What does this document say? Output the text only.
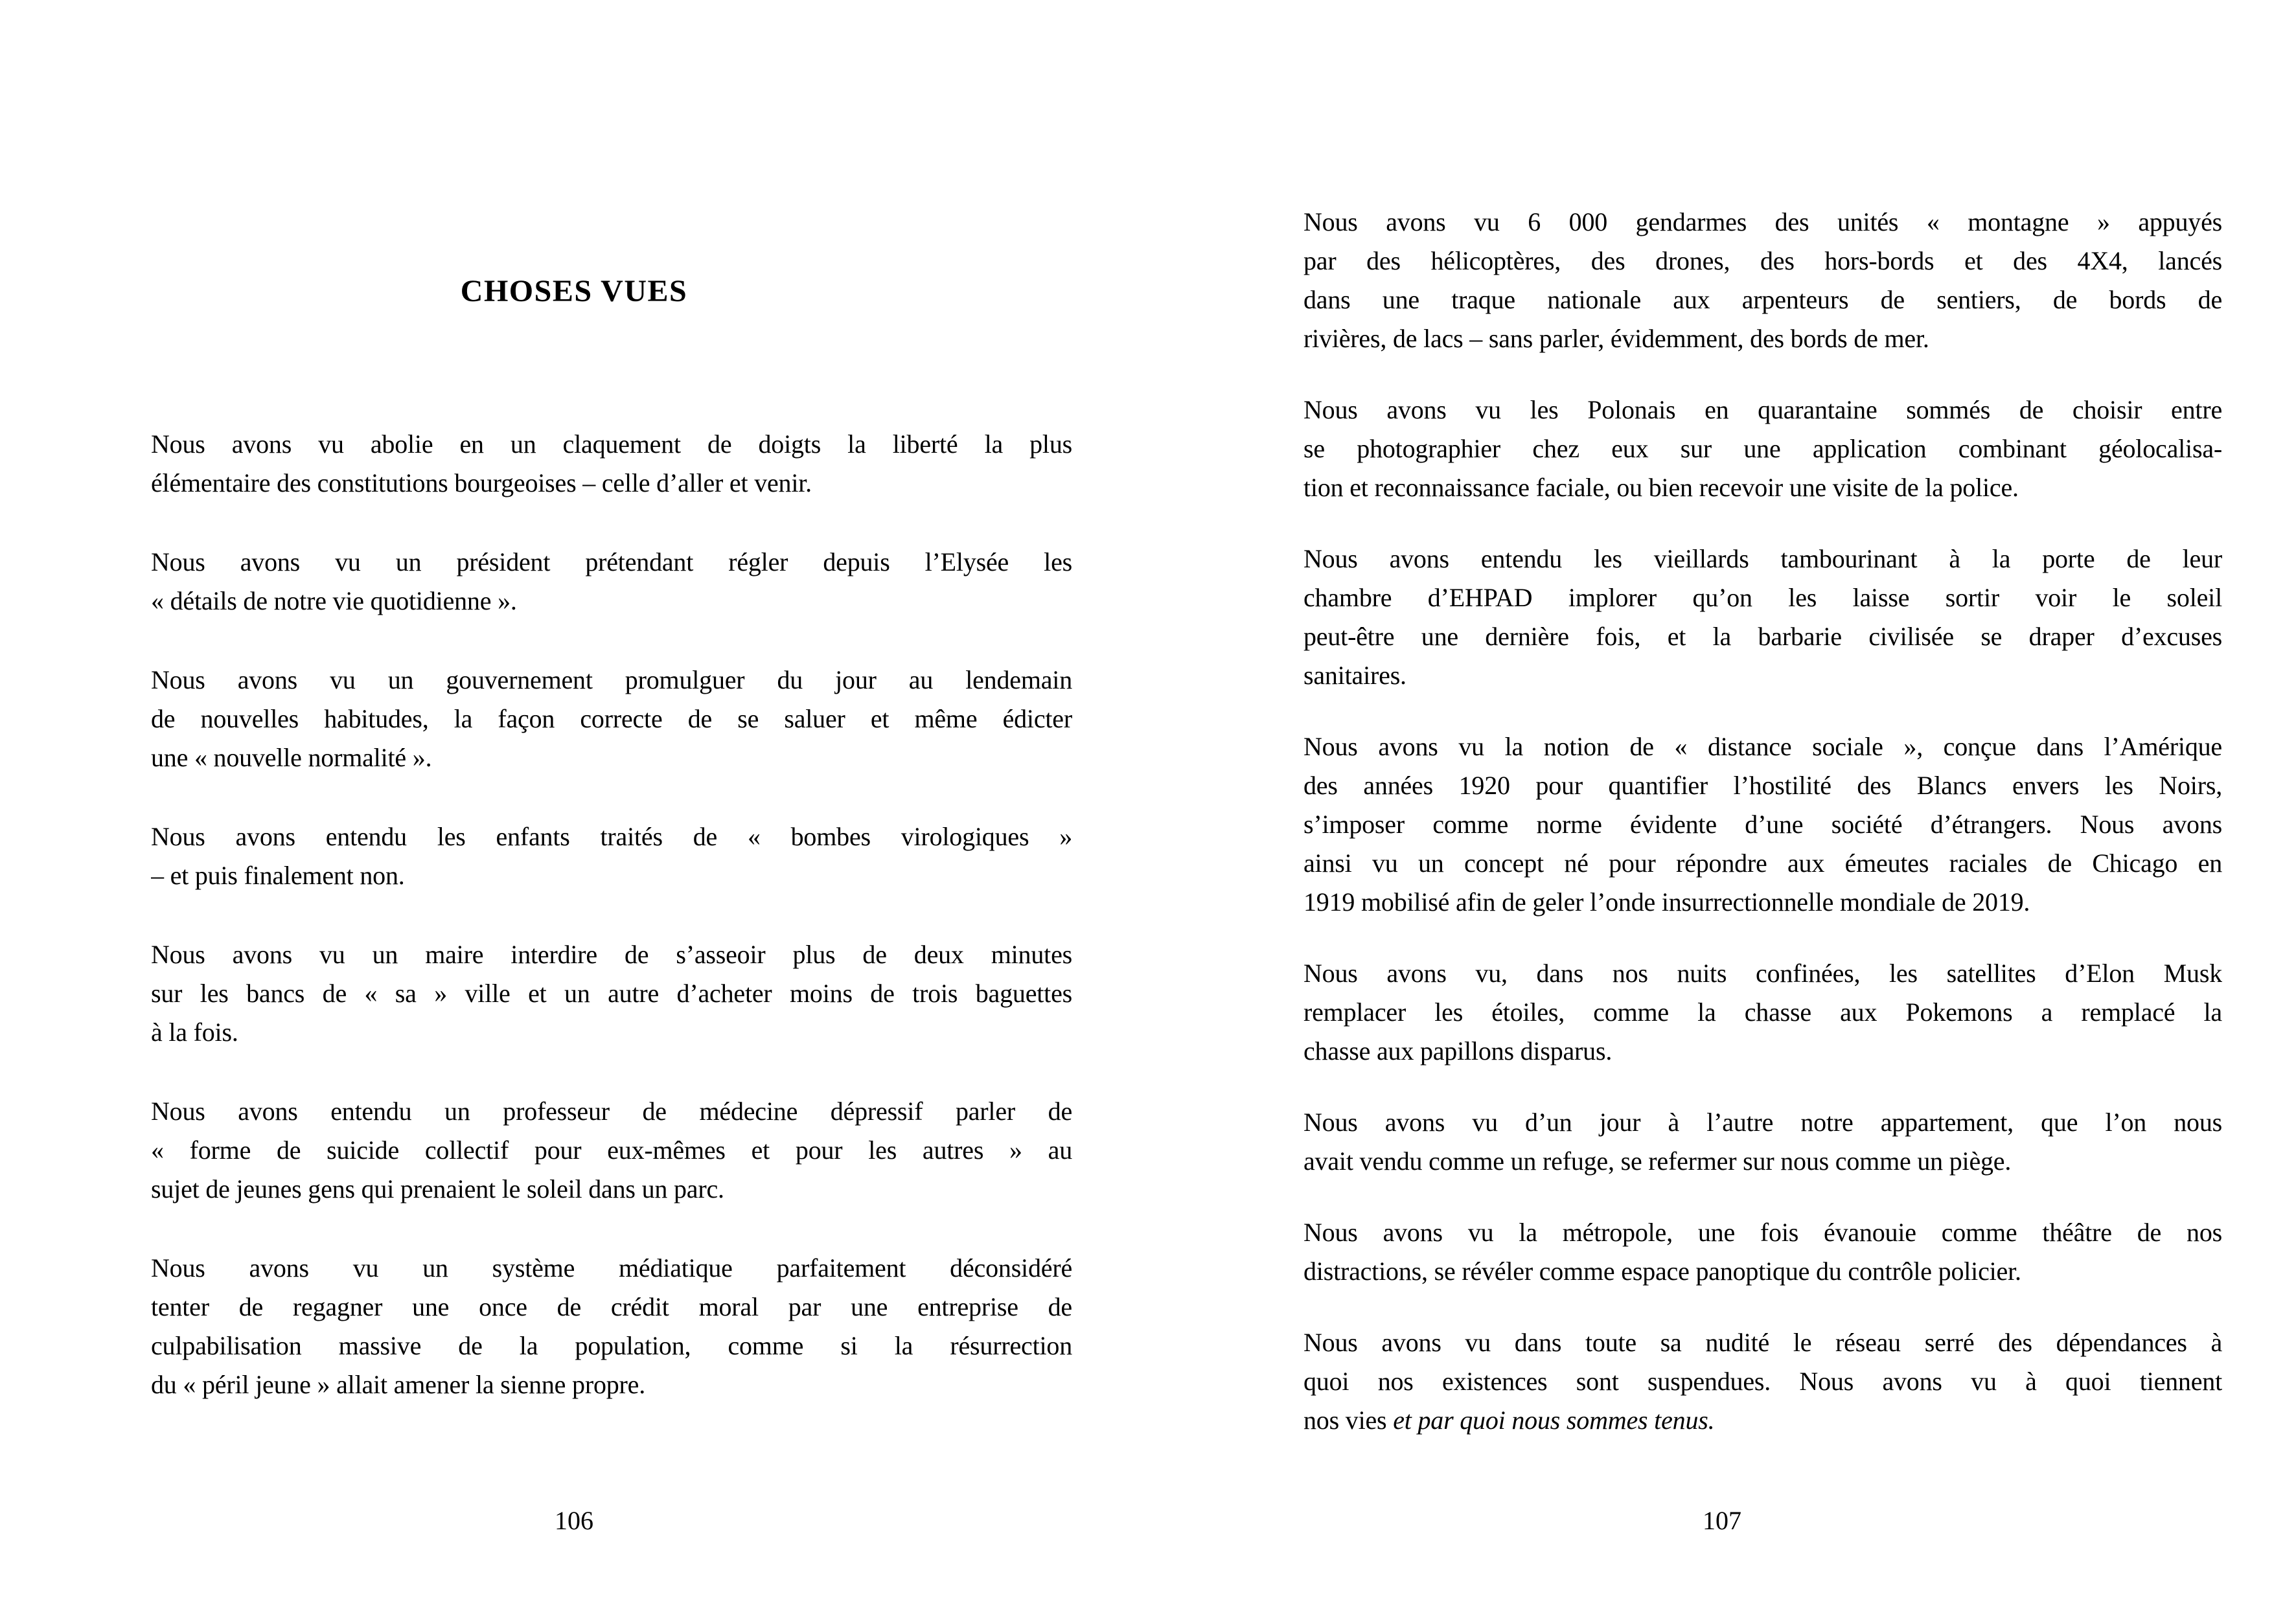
CHOSES VUES
Nous avons vu abolie en un claquement de doigts la liberté la plus
élémentaire des constitutions bourgeoises – celle d’aller et venir.
Nous avons vu un président prétendant régler depuis l’Elysée les
« détails de notre vie quotidienne ».
Nous avons vu un gouvernement promulguer du jour au lendemain
de nouvelles habitudes, la façon correcte de se saluer et même édicter
une « nouvelle normalité ».
Nous avons entendu les enfants traités de « bombes virologiques »
– et puis finalement non.
Nous avons vu un maire interdire de s’asseoir plus de deux minutes
sur les bancs de « sa » ville et un autre d’acheter moins de trois baguettes
à la fois.
Nous avons entendu un professeur de médecine dépressif parler de
« forme de suicide collectif pour eux-mêmes et pour les autres » au
sujet de jeunes gens qui prenaient le soleil dans un parc.
Nous avons vu un système médiatique parfaitement déconsidéré
tenter de regagner une once de crédit moral par une entreprise de
culpabilisation massive de la population, comme si la résurrection
du « péril jeune » allait amener la sienne propre.
106
Nous avons vu 6 000 gendarmes des unités « montagne » appuyés
par des hélicoptères, des drones, des hors-bords et des 4X4, lancés
dans une traque nationale aux arpenteurs de sentiers, de bords de
rivières, de lacs – sans parler, évidemment, des bords de mer.
Nous avons vu les Polonais en quarantaine sommés de choisir entre
se photographier chez eux sur une application combinant géolocalisa-
tion et reconnaissance faciale, ou bien recevoir une visite de la police.
Nous avons entendu les vieillards tambourinant à la porte de leur
chambre d’EHPAD implorer qu’on les laisse sortir voir le soleil
peut-être une dernière fois, et la barbarie civilisée se draper d’excuses
sanitaires.
Nous avons vu la notion de « distance sociale », conçue dans l’Amérique
des années 1920 pour quantifier l’hostilité des Blancs envers les Noirs,
s’imposer comme norme évidente d’une société d’étrangers. Nous avons
ainsi vu un concept né pour répondre aux émeutes raciales de Chicago en
1919 mobilisé afin de geler l’onde insurrectionnelle mondiale de 2019.
Nous avons vu, dans nos nuits confinées, les satellites d’Elon Musk
remplacer les étoiles, comme la chasse aux Pokemons a remplacé la
chasse aux papillons disparus.
Nous avons vu d’un jour à l’autre notre appartement, que l’on nous
avait vendu comme un refuge, se refermer sur nous comme un piège.
Nous avons vu la métropole, une fois évanouie comme théâtre de nos
distractions, se révéler comme espace panoptique du contrôle policier.
Nous avons vu dans toute sa nudité le réseau serré des dépendances à
quoi nos existences sont suspendues. Nous avons vu à quoi tiennent
nos vies et par quoi nous sommes tenus.
107
